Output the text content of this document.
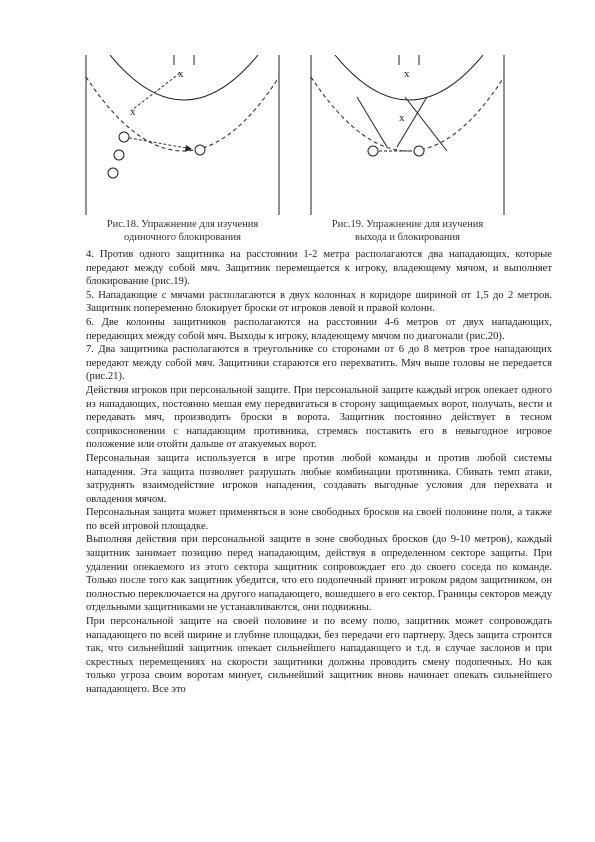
x
x
x
x
Рис.18. Упражнение для изучения
одиночного блокирования
Рис.19. Упражнение для изучения
выхода и блокирования

4. Против одного защитника на расстоянии 1-2 метра располагаются два нападающих, которые передают между собой мяч. Защитник перемещается к игроку, владеющему мячом, и выполняет блокирование (рис.19).

5. Нападающие с мячами располагаются в двух колоннах в коридоре шириной от 1,5 до 2 метров. Защитник попеременно блокирует броски от игроков левой и правой колонн.

6. Две колонны защитников располагаются на расстоянии 4-6 метров от двух нападающих, передающих между собой мяч. Выходы к игроку, владеющему мячом по диагонали (рис.20).

7. Два защитника располагаются в треугольнике со сторонами от 6 до 8 метров трое нападающих передают между собой мяч. Защитники стараются его перехватить. Мяч выше головы не передается (рис.21).

Действия игроков при персональной защите. При персональной защите каждый игрок опекает одного из нападающих, постоянно мешая ему передвигаться в сторону защищаемых ворот, получать, вести и передавать мяч, производить броски в ворота. Защитник постоянно действует в тесном соприкосновении с нападающим противника, стремясь поставить его в невыгодное игровое положение или отойти дальше от атакуемых ворот.

Персональная защита используется в игре против любой команды и против любой системы нападения. Эта защита позволяет разрушать любые комбинации противника. Сбивать темп атаки, затруднять взаимодействие игроков нападения, создавать выгодные условия для перехвата и овладения мячом.

Персональная защита может применяться в зоне свободных бросков на своей половине поля, а также по всей игровой площадке.

Выполняя действия при персональной защите в зоне свободных бросков (до 9-10 метров), каждый защитник занимает позицию перед нападающим, действуя в определенном секторе защиты. При удалении опекаемого из этого сектора защитник сопровождает его до своего соседа по команде. Только после того как защитник убедится, что его подопечный принят игроком рядом защитником, он полностью переключается на другого нападающего, вошедшего в его сектор. Границы секторов между отдельными защитниками не устанавливаются, они подвижны.

При персональной защите на своей половине и по всему полю, защитник может сопровождать нападающего по всей ширине и глубине площадки, без передачи его партнеру. Здесь защита строится так, что сильнейший защитник опекает сильнейшего нападающего и т.д. в случае заслонов и при скрестных перемещениях на скорости защитники должны проводить смену подопечных. Но как только угроза своим воротам минует, сильнейший защитник вновь начинает опекать сильнейшего нападающего. Все это
